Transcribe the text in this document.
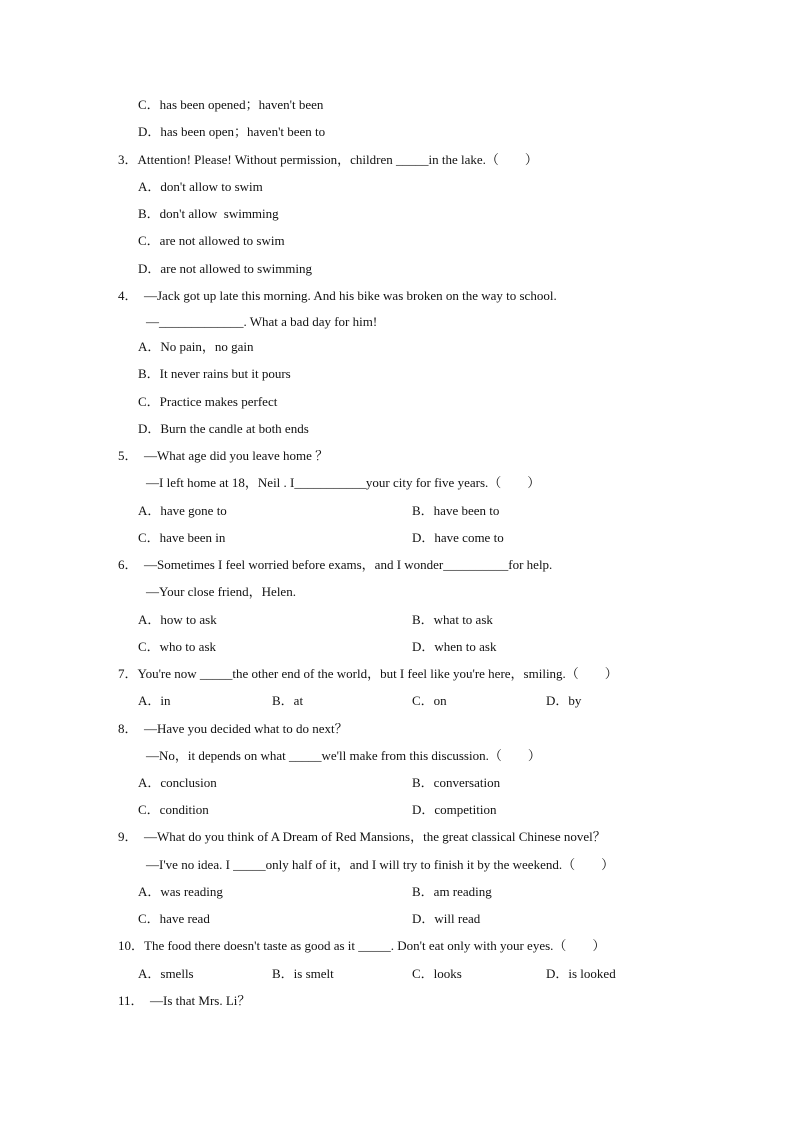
C．has been opened；haven't been
D．has been open；haven't been to
3．Attention! Please! Without permission，children _____in the lake.（        ）
A．don't allow to swim
B．don't allow  swimming
C．are not allowed to swim
D．are not allowed to swimming
4．  —Jack got up late this morning. And his bike was broken on the way to school.
—_____________. What a bad day for him!
A．No pain，no gain
B．It never rains but it pours
C．Practice makes perfect
D．Burn the candle at both ends
5．  —What age did you leave home ？
—I left home at 18，Neil . I___________your city for five years.（        ）
A．have gone to	B．have been to
C．have been in	D．have come to
6．  —Sometimes I feel worried before exams，and I wonder__________for help.
—Your close friend，Helen.
A．how to ask	B．what to ask
C．who to ask	D．when to ask
7．You're now _____the other end of the world，but I feel like you're here，smiling.（        ）
A．in	B．at	C．on	D．by
8．  —Have you decided what to do next？
—No，it depends on what _____we'll make from this discussion.（        ）
A．conclusion	B．conversation
C．condition	D．competition
9．  —What do you think of A Dream of Red Mansions，the great classical Chinese novel？
—I've no idea. I _____only half of it，and I will try to finish it by the weekend.（        ）
A．was reading	B．am reading
C．have read	D．will read
10．The food there doesn't taste as good as it _____. Don't eat only with your eyes.（        ）
A．smells	B．is smelt	C．looks	D．is looked
11．  —Is that Mrs. Li？
